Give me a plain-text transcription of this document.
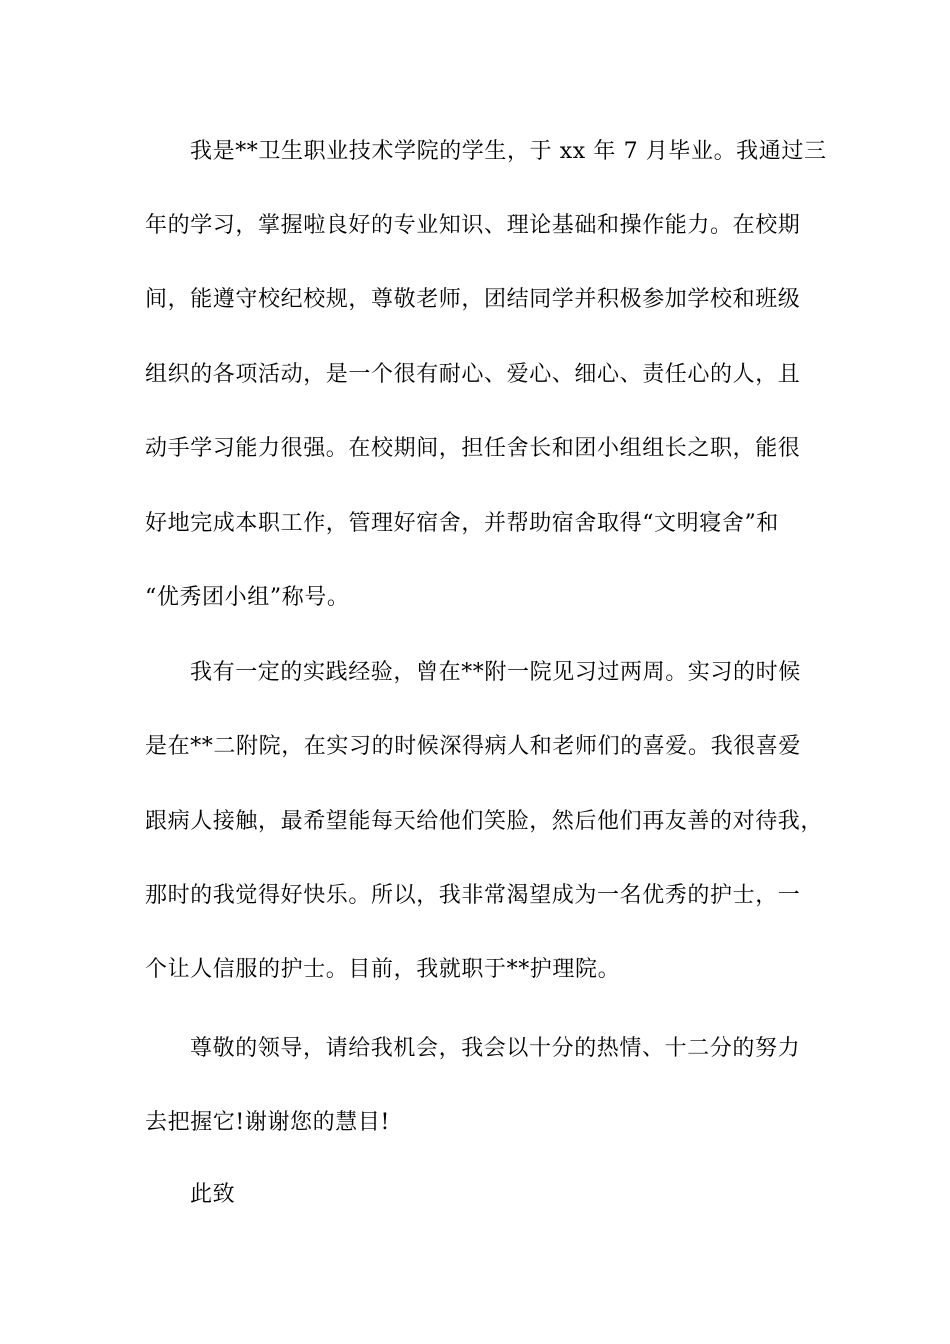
我是**卫生职业技术学院的学生，于 xx 年 7 月毕业。我通过三
年的学习，掌握啦良好的专业知识、理论基础和操作能力。在校期
间，能遵守校纪校规，尊敬老师，团结同学并积极参加学校和班级
组织的各项活动，是一个很有耐心、爱心、细心、责任心的人，且
动手学习能力很强。在校期间，担任舍长和团小组组长之职，能很
好地完成本职工作，管理好宿舍，并帮助宿舍取得“文明寝舍”和
“优秀团小组”称号。
我有一定的实践经验，曾在**附一院见习过两周。实习的时候
是在**二附院，在实习的时候深得病人和老师们的喜爱。我很喜爱
跟病人接触，最希望能每天给他们笑脸，然后他们再友善的对待我，
那时的我觉得好快乐。所以，我非常渴望成为一名优秀的护士，一
个让人信服的护士。目前，我就职于**护理院。
尊敬的领导，请给我机会，我会以十分的热情、十二分的努力
去把握它!谢谢您的慧目!
此致
